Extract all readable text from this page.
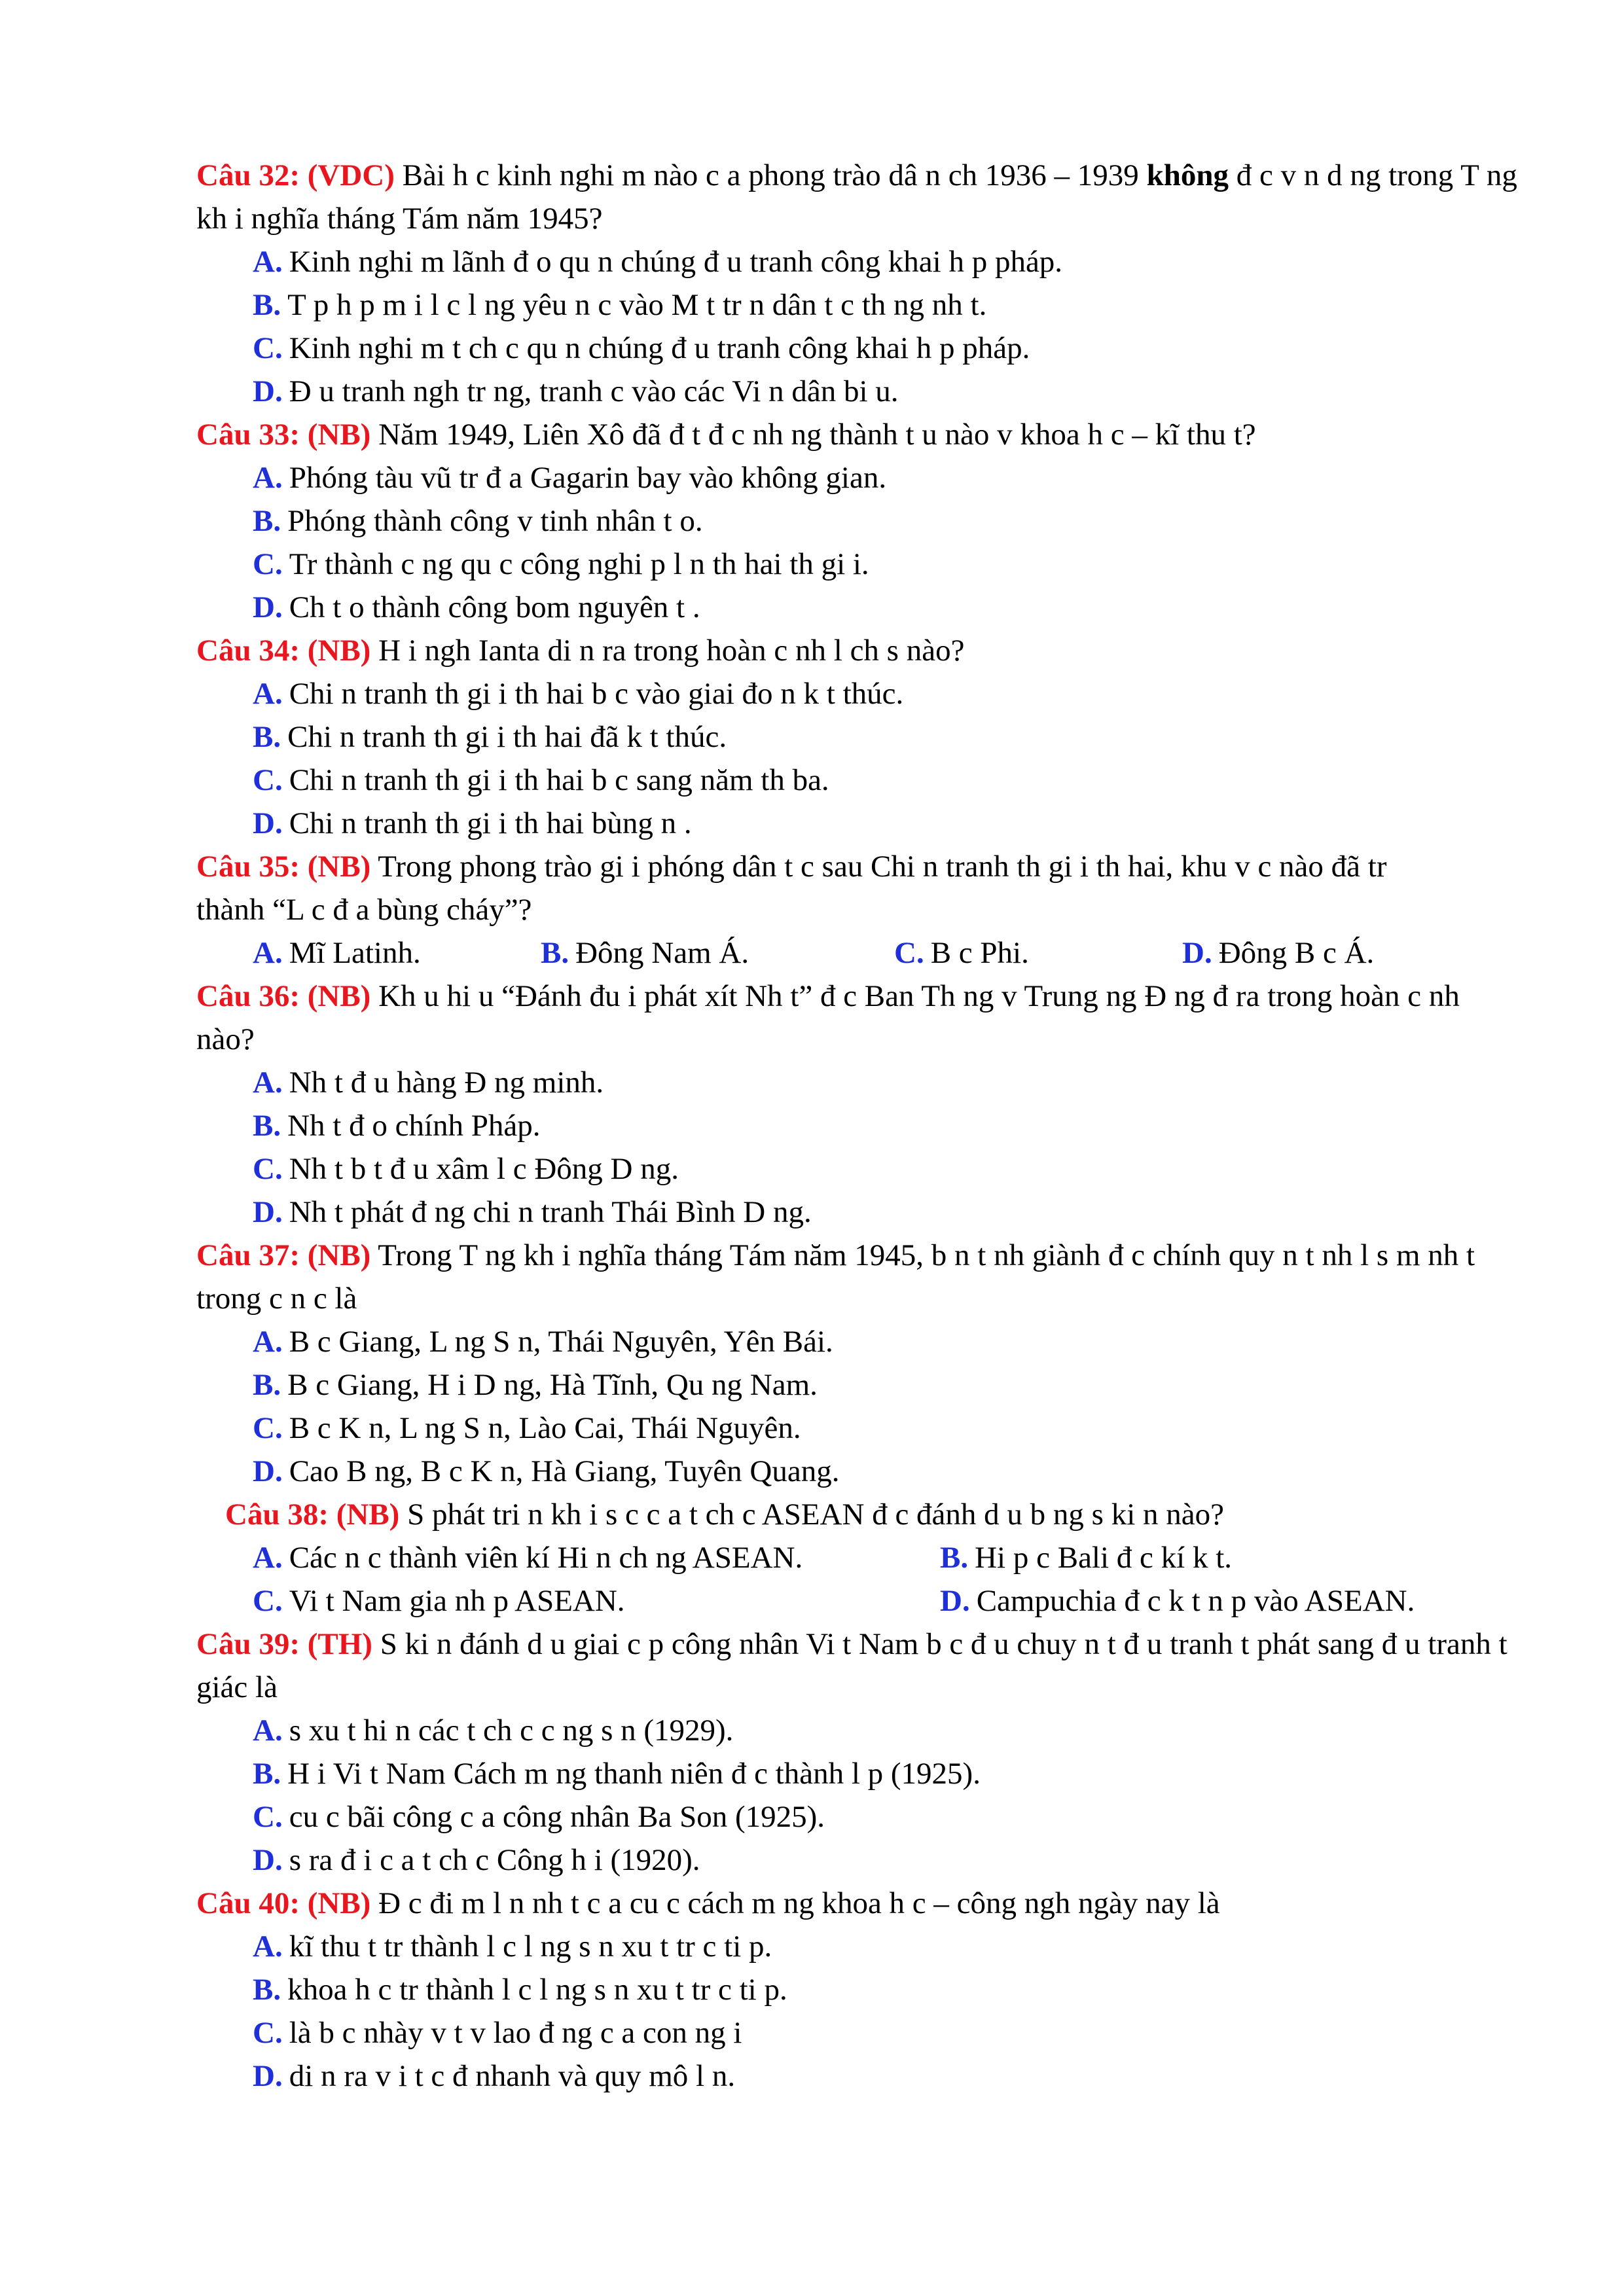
Câu 32: (VDC) Bài h c kinh nghi m nào c a phong trào dâ n ch 1936 – 1939 không đ c v n d ng trong T ng kh i nghĩa tháng Tám năm 1945?

A. Kinh nghi m lãnh đ o qu n chúng đ u tranh công khai h p pháp.

B. T p h p m i l c l ng yêu n c vào M t tr n dân t c th ng nh t.

C. Kinh nghi m t ch c qu n chúng đ u tranh công khai h p pháp.

D. Đ u tranh ngh tr ng, tranh c vào các Vi n dân bi u.

Câu 33: (NB) Năm 1949, Liên Xô đã đ t đ c nh ng thành t u nào v khoa h c – kĩ thu t?

A. Phóng tàu vũ tr đ a Gagarin bay vào không gian.

B. Phóng thành công v tinh nhân t o.

C. Tr thành c ng qu c công nghi p l n th hai th gi i.

D. Ch t o thành công bom nguyên t .

Câu 34: (NB) H i ngh Ianta di n ra trong hoàn c nh l ch s nào?

A. Chi n tranh th gi i th hai b c vào giai đo n k t thúc.

B. Chi n tranh th gi i th hai đã k t thúc.

C. Chi n tranh th gi i th hai b c sang năm th ba.

D. Chi n tranh th gi i th hai bùng n .

Câu 35: (NB) Trong phong trào gi i phóng dân t c sau Chi n tranh th gi i th hai, khu v c nào đã tr

thành “L c đ a bùng cháy”?

A. Mĩ Latinh.	B. Đông Nam Á.	C. B c Phi.	D. Đông B c Á.

Câu 36: (NB) Kh u hi u “Đánh đu i phát xít Nh t” đ c Ban Th ng v Trung ng Đ ng đ ra trong hoàn c nh nào?

A. Nh t đ u hàng Đ ng minh.

B. Nh t đ o chính Pháp.

C. Nh t b t đ u xâm l c Đông D ng.

D. Nh t phát đ ng chi n tranh Thái Bình D ng.

Câu 37: (NB) Trong T ng kh i nghĩa tháng Tám năm 1945, b n t nh giành đ c chính quy n t nh l s m nh t trong c n c là

A. B c Giang, L ng S n, Thái Nguyên, Yên Bái.

B. B c Giang, H i D ng, Hà Tĩnh, Qu ng Nam.

C. B c K n, L ng S n, Lào Cai, Thái Nguyên.

D. Cao B ng, B c K n, Hà Giang, Tuyên Quang.

Câu 38: (NB) S phát tri n kh i s c c a t ch c ASEAN đ c đánh d u b ng s ki n nào?

A. Các n c thành viên kí Hi n ch ng ASEAN.	B. Hi p c Bali đ c kí k t.
C. Vi t Nam gia nh p ASEAN.	D. Campuchia đ c k t n p vào ASEAN.

Câu 39: (TH) S ki n đánh d u giai c p công nhân Vi t Nam b c đ u chuy n t đ u tranh t phát sang đ u tranh t giác là

A. s xu t hi n các t ch c c ng s n (1929).

B. H i Vi t Nam Cách m ng thanh niên đ c thành l p (1925).

C. cu c bãi công c a công nhân Ba Son (1925).

D. s ra đ i c a t ch c Công h i (1920).

Câu 40: (NB) Đ c đi m l n nh t c a cu c cách m ng khoa h c – công ngh ngày nay là

A. kĩ thu t tr thành l c l ng s n xu t tr c ti p.

B. khoa h c tr thành l c l ng s n xu t tr c ti p.

C. là b c nhày v t v lao đ ng c a con ng i

D. di n ra v i t c đ nhanh và quy mô l n.
